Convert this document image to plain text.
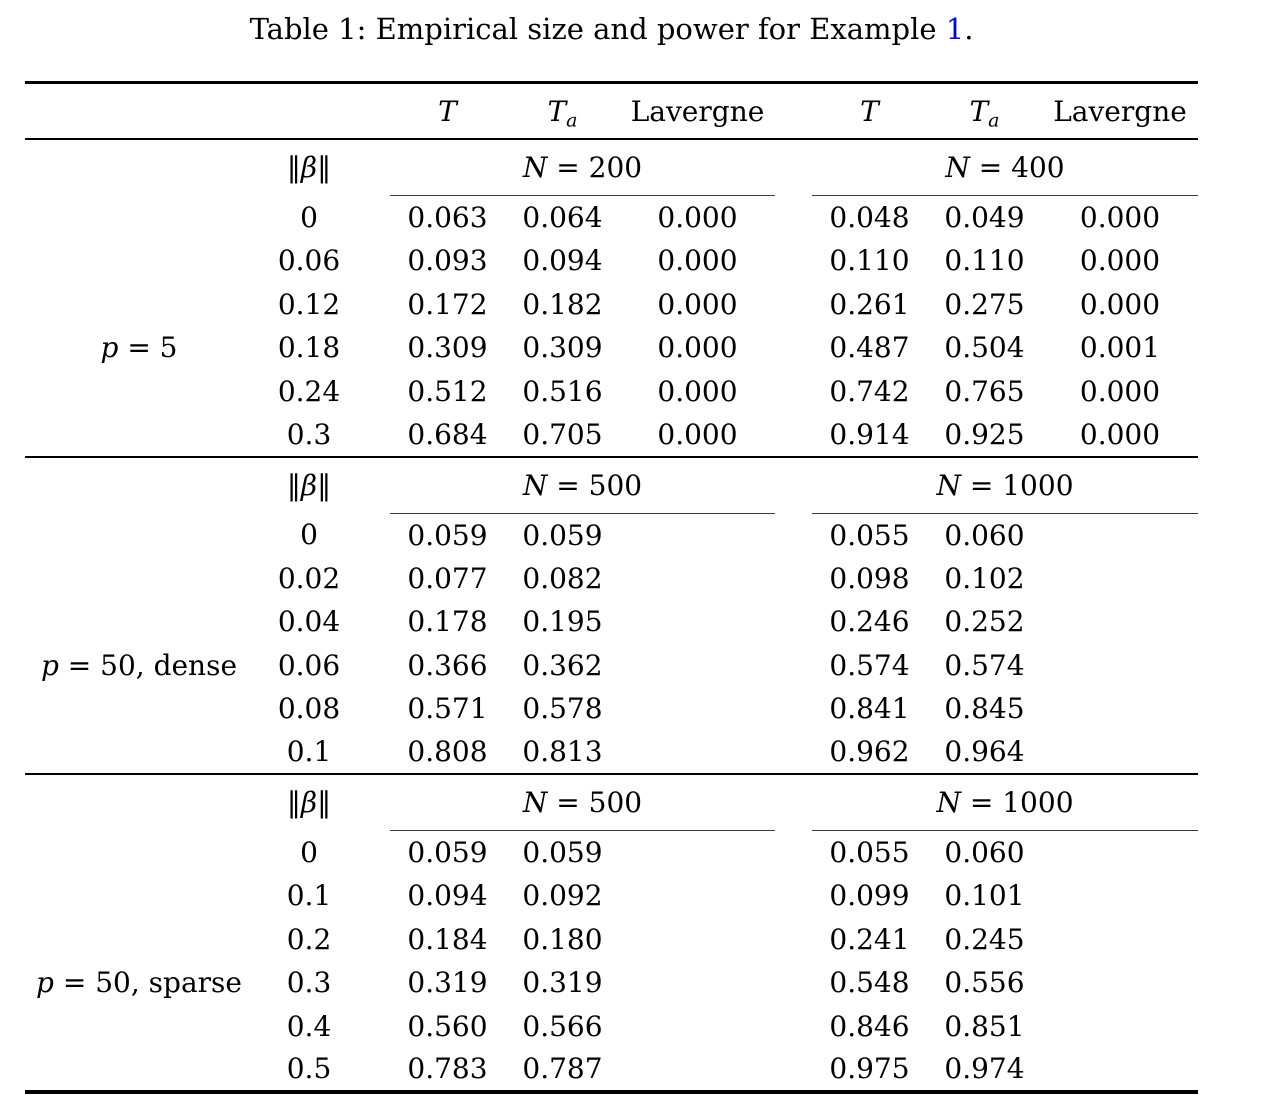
Table 1: Empirical size and power for Example 1.
			T	$T_a$	Lavergne		T	$T_a$	Lavergne
	‖β‖		N = 200				N = 400		
	0		0.063	0.064	0.000		0.048	0.049	0.000
	0.06		0.093	0.094	0.000		0.110	0.110	0.000
	0.12		0.172	0.182	0.000		0.261	0.275	0.000
p = 5	0.18		0.309	0.309	0.000		0.487	0.504	0.001
	0.24		0.512	0.516	0.000		0.742	0.765	0.000
	0.3		0.684	0.705	0.000		0.914	0.925	0.000
	‖β‖		N = 500				N = 1000		
	0		0.059	0.059			0.055	0.060	
	0.02		0.077	0.082			0.098	0.102	
	0.04		0.178	0.195			0.246	0.252	
p = 50, dense	0.06		0.366	0.362			0.574	0.574	
	0.08		0.571	0.578			0.841	0.845	
	0.1		0.808	0.813			0.962	0.964	
	‖β‖		N = 500				N = 1000		
	0		0.059	0.059			0.055	0.060	
	0.1		0.094	0.092			0.099	0.101	
	0.2		0.184	0.180			0.241	0.245	
p = 50, sparse	0.3		0.319	0.319			0.548	0.556	
	0.4		0.560	0.566			0.846	0.851	
	0.5		0.783	0.787			0.975	0.974	
